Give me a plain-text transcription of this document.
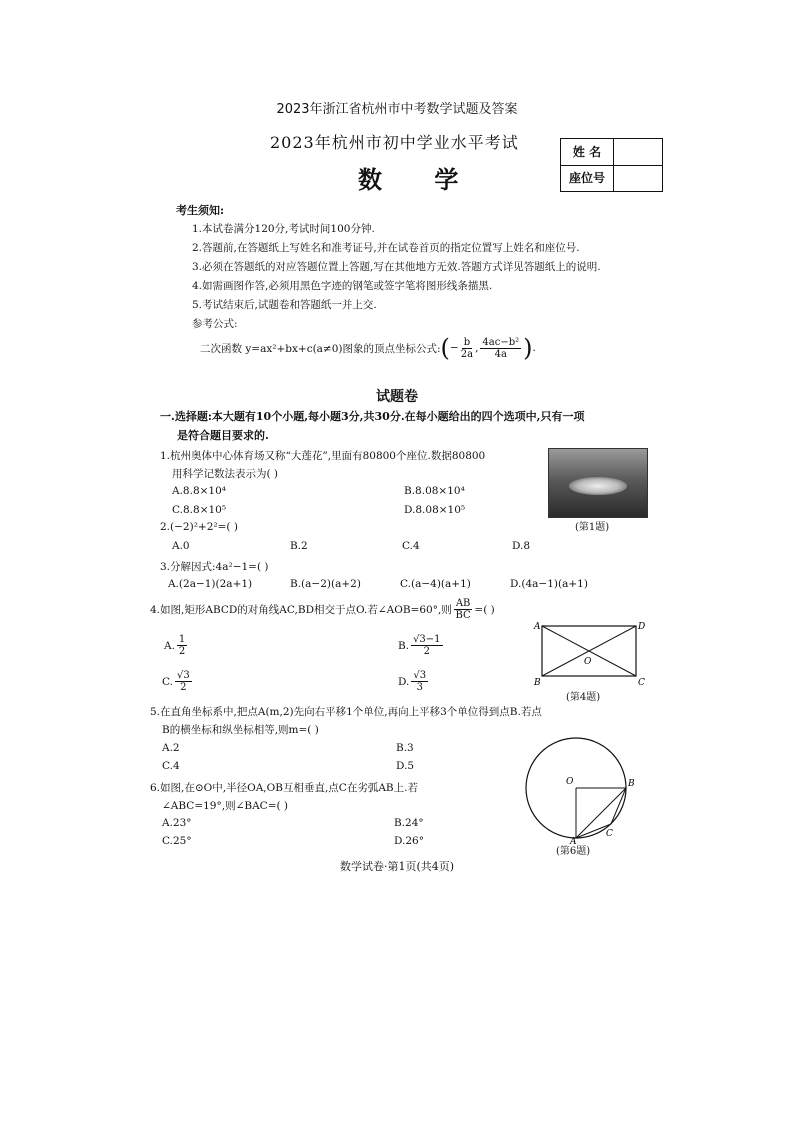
2023年浙江省杭州市中考数学试题及答案
2023年杭州市初中学业水平考试
数 学
姓 名
座位号
考生须知:
1.本试卷满分120分,考试时间100分钟.
2.答题前,在答题纸上写姓名和准考证号,并在试卷首页的指定位置写上姓名和座位号.
3.必须在答题纸的对应答题位置上答题,写在其他地方无效.答题方式详见答题纸上的说明.
4.如需画图作答,必须用黑色字迹的钢笔或签字笔将图形线条描黑.
5.考试结束后,试题卷和答题纸一并上交.
参考公式:
二次函数 y=ax²+bx+c(a≠0)图象的顶点坐标公式: ( − $\frac{b}{2a}$ , $\frac{\text{4ac−b²}}{4a}$ ) .
试题卷
一.选择题:本大题有10个小题,每小题3分,共30分.在每小题给出的四个选项中,只有一项
是符合题目要求的.
1.杭州奥体中心体育场又称“大莲花”,里面有80800个座位.数据80800
用科学记数法表示为( )
A.8.8×10⁴	B.8.08×10⁴
C.8.8×10⁵	D.8.08×10⁵
(第1题)
2.(−2)²+2²=( )
A.0	B.2	C.4	D.8
3.分解因式:4a²−1=( )
A.(2a−1)(2a+1)	B.(a−2)(a+2)	C.(a−4)(a+1)	D.(4a−1)(a+1)
4.如图,矩形ABCD的对角线AC,BD相交于点O.若∠AOB=60°,则 $\frac{AB}{BC}$ =( )
A. $\frac{1}{2}$	B. $\frac{√3-1}{2}$
C. $\frac{√3}{2}$	D. $\frac{√3}{3}$
A	D
B	C
O
(第4题)
5.在直角坐标系中,把点A(m,2)先向右平移1个单位,再向上平移3个单位得到点B.若点
B的横坐标和纵坐标相等,则m=( )
A.2	B.3
C.4	D.5
6.如图,在⊙O中,半径OA,OB互相垂直,点C在劣弧AB上.若
∠ABC=19°,则∠BAC=( )
A.23°	B.24°
C.25°	D.26°
O	B
C
A
(第6题)
数学试卷·第1页(共4页)
